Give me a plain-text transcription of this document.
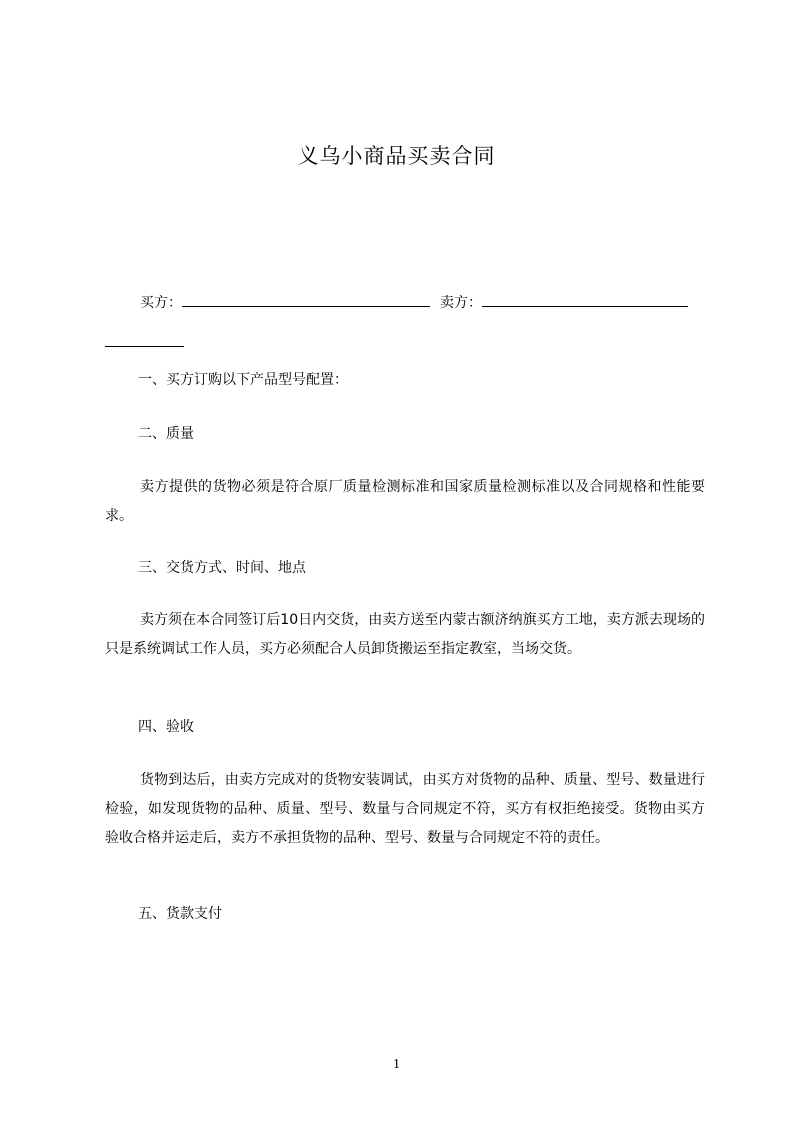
义乌小商品买卖合同
买方：	卖方：
一、买方订购以下产品型号配置：
二、质量
卖方提供的货物必须是符合原厂质量检测标准和国家质量检测标准以及合同规格和性能要求。
三、交货方式、时间、地点
卖方须在本合同签订后10日内交货，由卖方送至内蒙古额济纳旗买方工地，卖方派去现场的只是系统调试工作人员，买方必须配合人员卸货搬运至指定教室，当场交货。
四、验收
货物到达后，由卖方完成对的货物安装调试，由买方对货物的品种、质量、型号、数量进行检验，如发现货物的品种、质量、型号、数量与合同规定不符，买方有权拒绝接受。货物由买方验收合格并运走后，卖方不承担货物的品种、型号、数量与合同规定不符的责任。
五、货款支付
1
